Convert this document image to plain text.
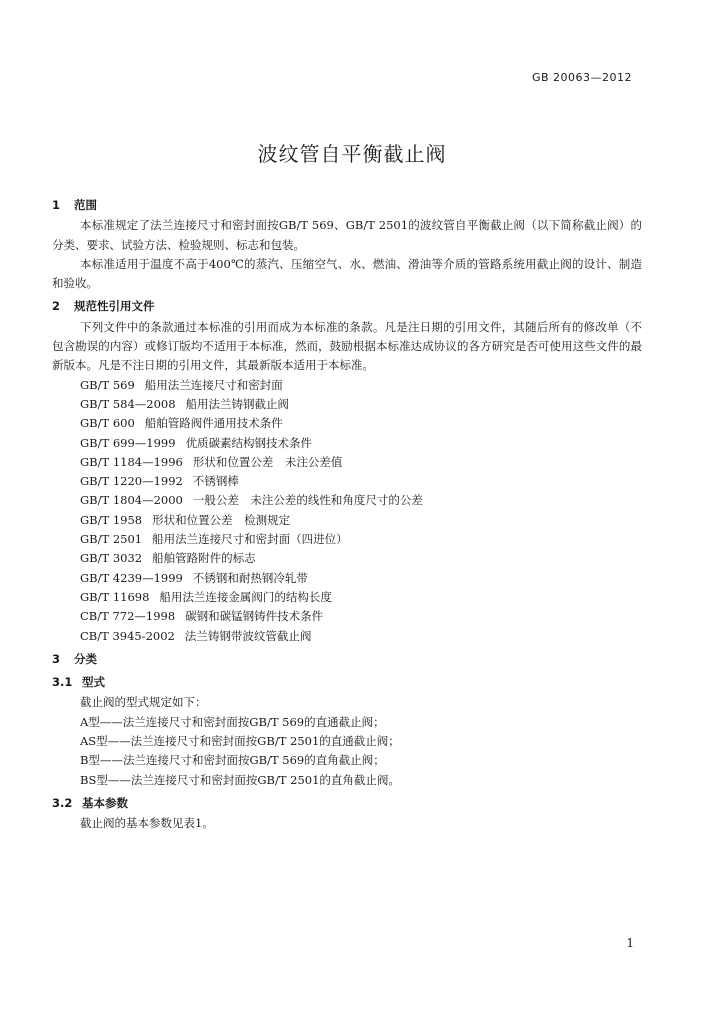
GB 20063—2012
波纹管自平衡截止阀
1 范围

本标准规定了法兰连接尺寸和密封面按GB/T 569、GB/T 2501的波纹管自平衡截止阀（以下简称截止阀）的分类、要求、试验方法、检验规则、标志和包装。

本标准适用于温度不高于400℃的蒸汽、压缩空气、水、燃油、滑油等介质的管路系统用截止阀的设计、制造和验收。

2 规范性引用文件

下列文件中的条款通过本标准的引用而成为本标准的条款。凡是注日期的引用文件，其随后所有的修改单（不包含勘误的内容）或修订版均不适用于本标准，然而，鼓励根据本标准达成协议的各方研究是否可使用这些文件的最新版本。凡是不注日期的引用文件，其最新版本适用于本标准。

GB/T 569 船用法兰连接尺寸和密封面
GB/T 584—2008 船用法兰铸钢截止阀
GB/T 600 船舶管路阀件通用技术条件
GB/T 699—1999 优质碳素结构钢技术条件
GB/T 1184—1996 形状和位置公差　未注公差值
GB/T 1220—1992 不锈钢棒
GB/T 1804—2000 一般公差　未注公差的线性和角度尺寸的公差
GB/T 1958 形状和位置公差　检测规定
GB/T 2501 船用法兰连接尺寸和密封面（四进位）
GB/T 3032 船舶管路附件的标志
GB/T 4239—1999 不锈钢和耐热钢冷轧带
GB/T 11698 船用法兰连接金属阀门的结构长度
CB/T 772—1998 碳钢和碳锰钢铸件技术条件
CB/T 3945-2002 法兰铸钢带波纹管截止阀
3 分类
3.1 型式

截止阀的型式规定如下：

A型——法兰连接尺寸和密封面按GB/T 569的直通截止阀；
AS型——法兰连接尺寸和密封面按GB/T 2501的直通截止阀；
B型——法兰连接尺寸和密封面按GB/T 569的直角截止阀；
BS型——法兰连接尺寸和密封面按GB/T 2501的直角截止阀。
3.2 基本参数

截止阀的基本参数见表1。

1
